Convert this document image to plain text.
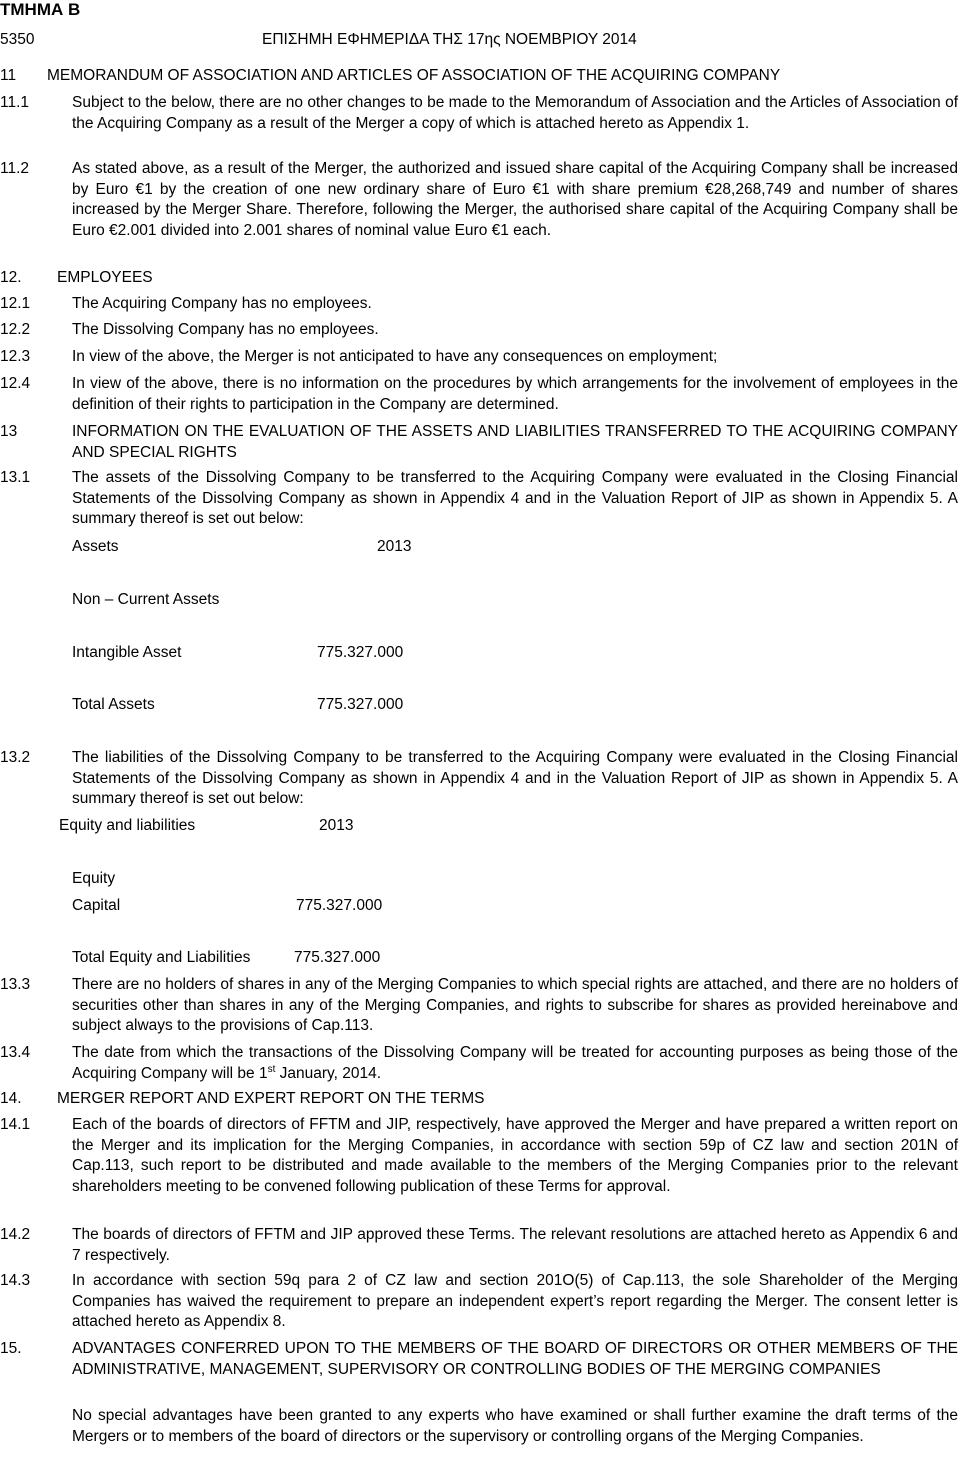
ΤΜΗΜΑ Β
5350	ΕΠΙΣΗΜΗ ΕΦΗΜΕΡΙΔΑ ΤΗΣ 17ης ΝΟΕΜΒΡΙΟΥ 2014
11 MEMORANDUM OF ASSOCIATION AND ARTICLES OF ASSOCIATION OF THE ACQUIRING COMPANY
11.1	Subject to the below, there are no other changes to be made to the Memorandum of Association and the Articles of Association of the Acquiring Company as a result of the Merger a copy of which is attached hereto as Appendix 1.
11.2	As stated above, as a result of the Merger, the authorized and issued share capital of the Acquiring Company shall be increased by Euro €1 by the creation of one new ordinary share of Euro €1 with share premium €28,268,749 and number of shares increased by the Merger Share. Therefore, following the Merger, the authorised share capital of the Acquiring Company shall be Euro €2.001 divided into 2.001 shares of nominal value Euro €1 each.
12. EMPLOYEES
12.1	The Acquiring Company has no employees.
12.2	The Dissolving Company has no employees.
12.3	In view of the above, the Merger is not anticipated to have any consequences on employment;
12.4	In view of the above, there is no information on the procedures by which arrangements for the involvement of employees in the definition of their rights to participation in the Company are determined.
13	INFORMATION ON THE EVALUATION OF THE ASSETS AND LIABILITIES TRANSFERRED TO THE ACQUIRING COMPANY AND SPECIAL RIGHTS
13.1	The assets of the Dissolving Company to be transferred to the Acquiring Company were evaluated in the Closing Financial Statements of the Dissolving Company as shown in Appendix 4 and in the Valuation Report of JIP as shown in Appendix 5. A summary thereof is set out below:
Assets	2013
Non – Current Assets
Intangible Asset	775.327.000
Total Assets	775.327.000
13.2	The liabilities of the Dissolving Company to be transferred to the Acquiring Company were evaluated in the Closing Financial Statements of the Dissolving Company as shown in Appendix 4 and in the Valuation Report of JIP as shown in Appendix 5. A summary thereof is set out below:
Equity and liabilities	2013
Equity
Capital	775.327.000
Total Equity and Liabilities	775.327.000
13.3	There are no holders of shares in any of the Merging Companies to which special rights are attached, and there are no holders of securities other than shares in any of the Merging Companies, and rights to subscribe for shares as provided hereinabove and subject always to the provisions of Cap.113.
13.4	The date from which the transactions of the Dissolving Company will be treated for accounting purposes as being those of the Acquiring Company will be 1st January, 2014.
14. MERGER REPORT AND EXPERT REPORT ON THE TERMS
14.1	Each of the boards of directors of FFTM and JIP, respectively, have approved the Merger and have prepared a written report on the Merger and its implication for the Merging Companies, in accordance with section 59p of CZ law and section 201N of Cap.113, such report to be distributed and made available to the members of the Merging Companies prior to the relevant shareholders meeting to be convened following publication of these Terms for approval.
14.2	The boards of directors of FFTM and JIP approved these Terms. The relevant resolutions are attached hereto as Appendix 6 and 7 respectively.
14.3	In accordance with section 59q para 2 of CZ law and section 201O(5) of Cap.113, the sole Shareholder of the Merging Companies has waived the requirement to prepare an independent expert’s report regarding the Merger. The consent letter is attached hereto as Appendix 8.
15.	ADVANTAGES CONFERRED UPON TO THE MEMBERS OF THE BOARD OF DIRECTORS OR OTHER MEMBERS OF THE ADMINISTRATIVE, MANAGEMENT, SUPERVISORY OR CONTROLLING BODIES OF THE MERGING COMPANIES
No special advantages have been granted to any experts who have examined or shall further examine the draft terms of the Mergers or to members of the board of directors or the supervisory or controlling organs of the Merging Companies.
